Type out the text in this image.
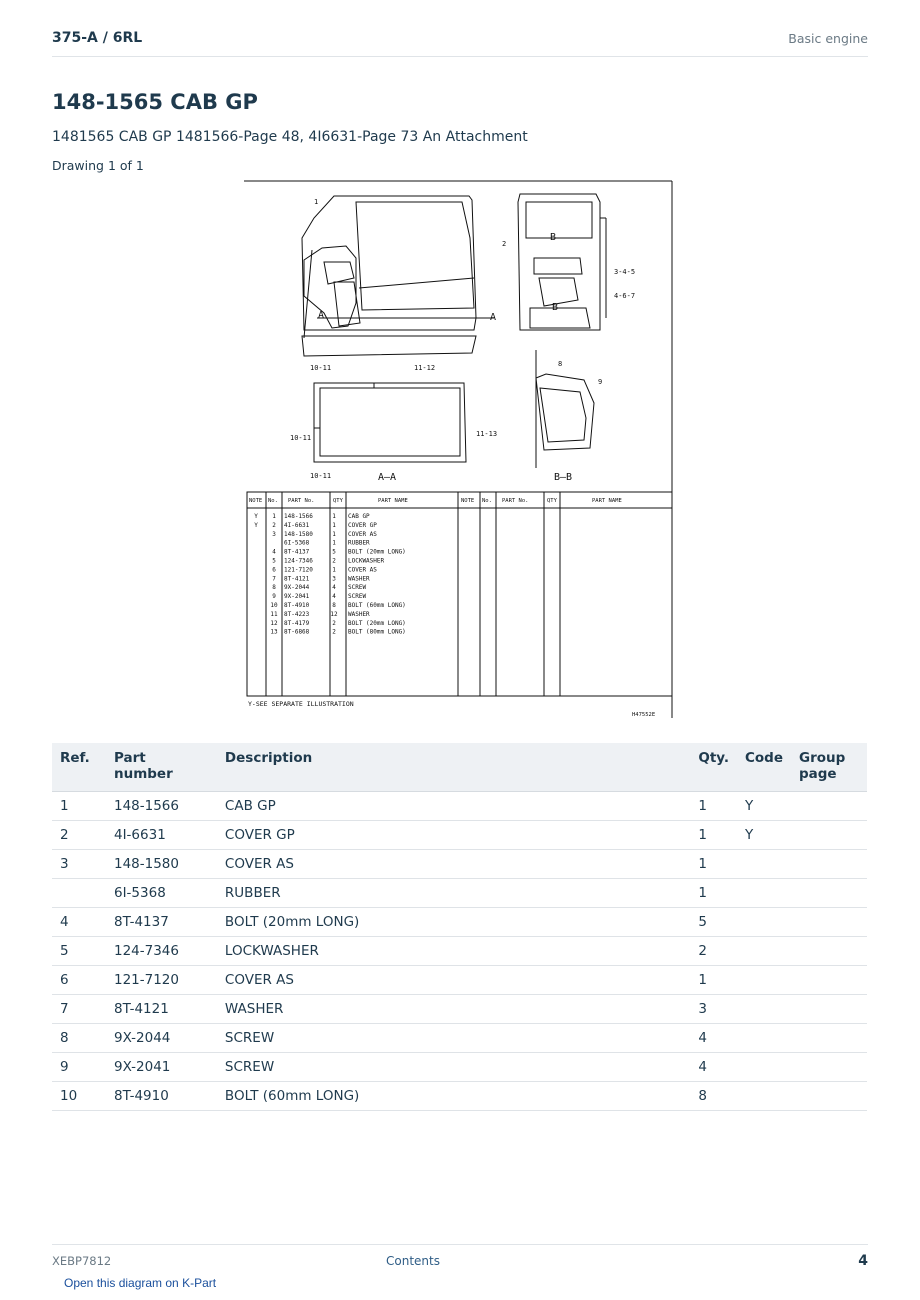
375-A / 6RL	Basic engine
148-1565 CAB GP
1481565 CAB GP 1481566-Page 48, 4I6631-Page 73 An Attachment
Drawing 1 of 1
1
2
3-4-5
4-6-7
8
9
10-11	11-12
11-13
10-11
10-11
A	A
B
B
A—A	B—B
NOTE No. PART No.	QTY	PART NAME	NOTE No. PART No.	QTY	PART NAME
Y 1 148-1566	1 CAB GP
Y 2 4I-6631	1 COVER GP
3 148-1580	1 COVER AS
6I-5368	1 RUBBER
4 8T-4137	5 BOLT (20mm LONG)
5 124-7346	2 LOCKWASHER
6 121-7120	1 COVER AS
7 8T-4121	3 WASHER
8 9X-2044	4 SCREW
9 9X-2041	4 SCREW
10 8T-4910	8 BOLT (60mm LONG)
11 8T-4223	12 WASHER
12 8T-4179	2 BOLT (20mm LONG)
13 8T-6868	2 BOLT (80mm LONG)
Y-SEE SEPARATE ILLUSTRATION
H47552E
Ref.	Part number	Description	Qty.	Code	Group page
1	148-1566	CAB GP	1	Y	
2	4I-6631	COVER GP	1	Y	
3	148-1580	COVER AS	1		
	6I-5368	RUBBER	1		
4	8T-4137	BOLT (20mm LONG)	5		
5	124-7346	LOCKWASHER	2		
6	121-7120	COVER AS	1		
7	8T-4121	WASHER	3		
8	9X-2044	SCREW	4		
9	9X-2041	SCREW	4		
10	8T-4910	BOLT (60mm LONG)	8		
XEBP7812	Contents	4
Open this diagram on K-Part
